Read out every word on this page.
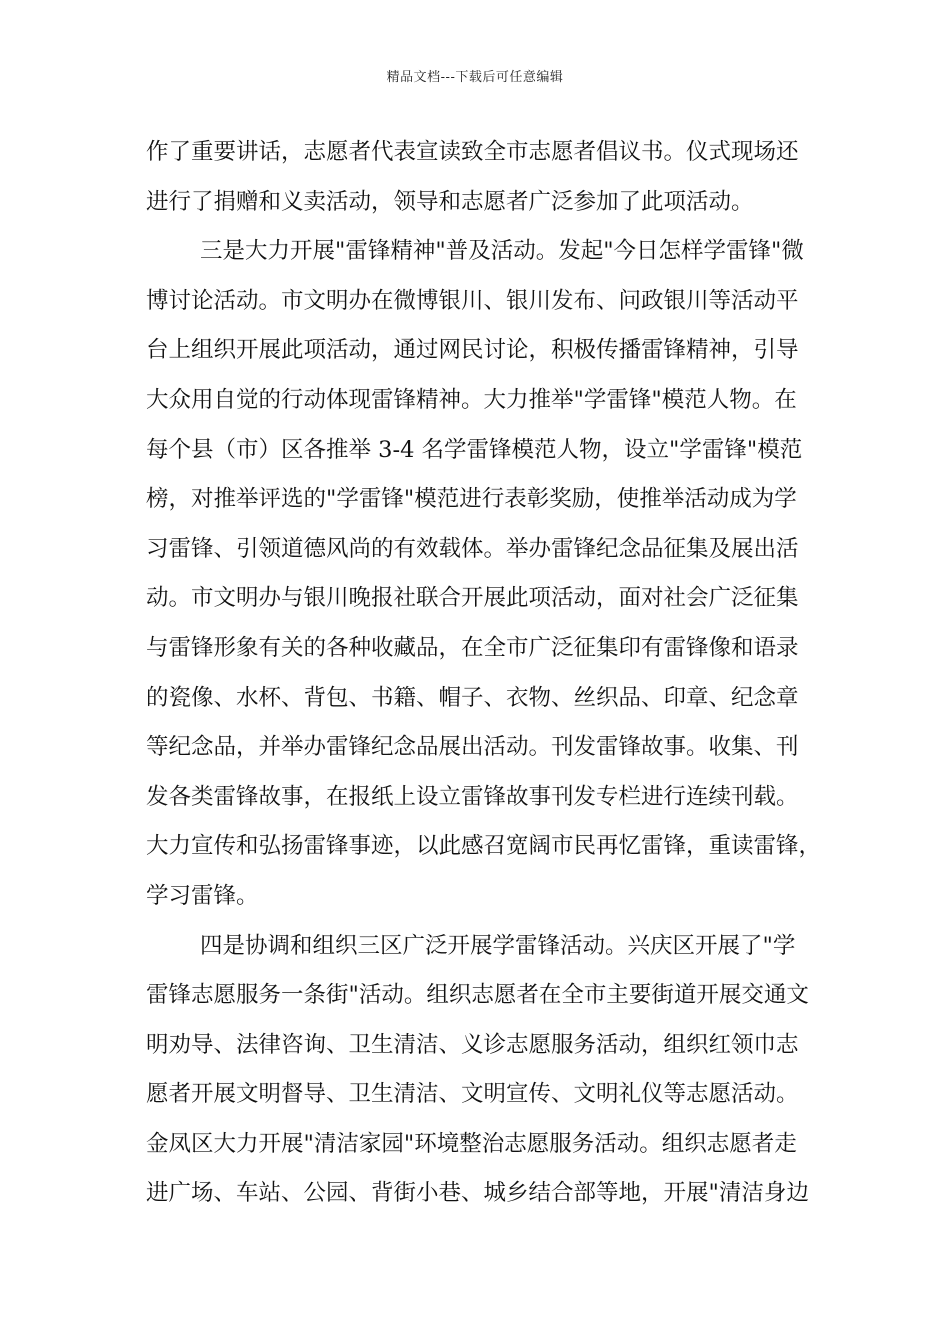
精品文档---下载后可任意编辑
作了重要讲话，志愿者代表宣读致全市志愿者倡议书。仪式现场还
进行了捐赠和义卖活动，领导和志愿者广泛参加了此项活动。
三是大力开展"雷锋精神"普及活动。发起"今日怎样学雷锋"微
博讨论活动。市文明办在微博银川、银川发布、问政银川等活动平
台上组织开展此项活动，通过网民讨论，积极传播雷锋精神，引导
大众用自觉的行动体现雷锋精神。大力推举"学雷锋"模范人物。在
每个县（市）区各推举 3-4 名学雷锋模范人物，设立"学雷锋"模范
榜，对推举评选的"学雷锋"模范进行表彰奖励，使推举活动成为学
习雷锋、引领道德风尚的有效载体。举办雷锋纪念品征集及展出活
动。市文明办与银川晚报社联合开展此项活动，面对社会广泛征集
与雷锋形象有关的各种收藏品，在全市广泛征集印有雷锋像和语录
的瓷像、水杯、背包、书籍、帽子、衣物、丝织品、印章、纪念章
等纪念品，并举办雷锋纪念品展出活动。刊发雷锋故事。收集、刊
发各类雷锋故事，在报纸上设立雷锋故事刊发专栏进行连续刊载。
大力宣传和弘扬雷锋事迹，以此感召宽阔市民再忆雷锋，重读雷锋，
学习雷锋。
四是协调和组织三区广泛开展学雷锋活动。兴庆区开展了"学
雷锋志愿服务一条街"活动。组织志愿者在全市主要街道开展交通文
明劝导、法律咨询、卫生清洁、义诊志愿服务活动，组织红领巾志
愿者开展文明督导、卫生清洁、文明宣传、文明礼仪等志愿活动。
金凤区大力开展"清洁家园"环境整治志愿服务活动。组织志愿者走
进广场、车站、公园、背街小巷、城乡结合部等地，开展"清洁身边
